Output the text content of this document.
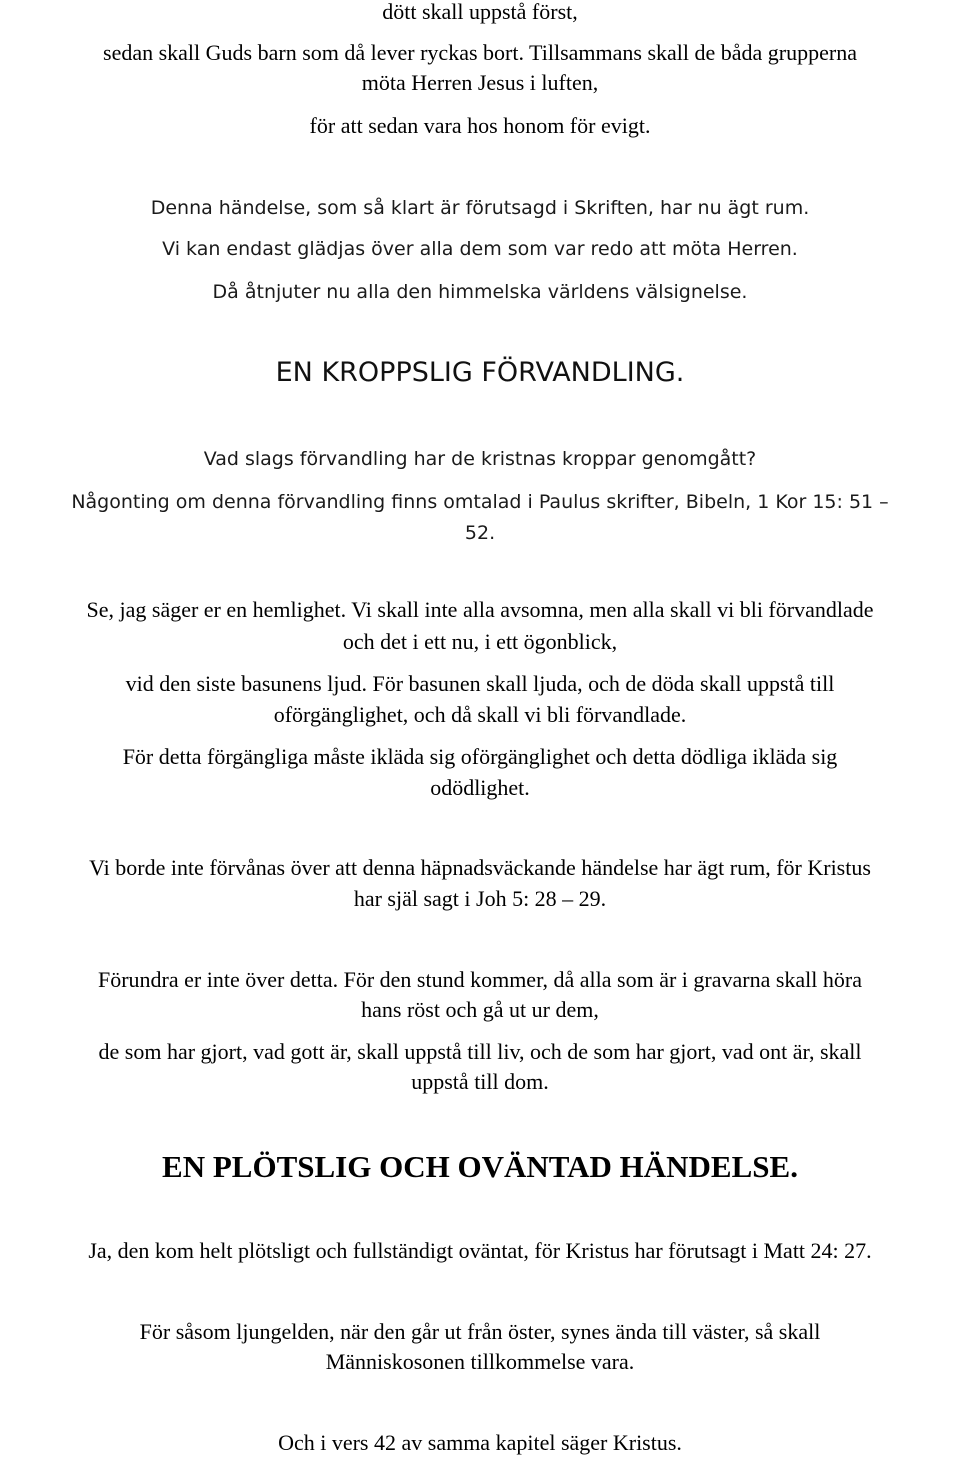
dött skall uppstå först,
sedan skall Guds barn som då lever ryckas bort. Tillsammans skall de båda grupperna
möta Herren Jesus i luften,
för att sedan vara hos honom för evigt.
Denna händelse, som så klart är förutsagd i Skriften, har nu ägt rum.
Vi kan endast glädjas över alla dem som var redo att möta Herren.
Då åtnjuter nu alla den himmelska världens välsignelse.
EN KROPPSLIG FÖRVANDLING.
Vad slags förvandling har de kristnas kroppar genomgått?
Någonting om denna förvandling finns omtalad i Paulus skrifter, Bibeln, 1 Kor 15: 51 –
52.
Se, jag säger er en hemlighet. Vi skall inte alla avsomna, men alla skall vi bli förvandlade
och det i ett nu, i ett ögonblick,
vid den siste basunens ljud. För basunen skall ljuda, och de döda skall uppstå till
oförgänglighet, och då skall vi bli förvandlade.
För detta förgängliga måste ikläda sig oförgänglighet och detta dödliga ikläda sig
odödlighet.
Vi borde inte förvånas över att denna häpnadsväckande händelse har ägt rum, för Kristus
har själ sagt i Joh 5: 28 – 29.
Förundra er inte över detta. För den stund kommer, då alla som är i gravarna skall höra
hans röst och gå ut ur dem,
de som har gjort, vad gott är, skall uppstå till liv, och de som har gjort, vad ont är, skall
uppstå till dom.
EN PLÖTSLIG OCH OVÄNTAD HÄNDELSE.
Ja, den kom helt plötsligt och fullständigt oväntat, för Kristus har förutsagt i Matt 24: 27.
För såsom ljungelden, när den går ut från öster, synes ända till väster, så skall
Människosonen tillkommelse vara.
Och i vers 42 av samma kapitel säger Kristus.
